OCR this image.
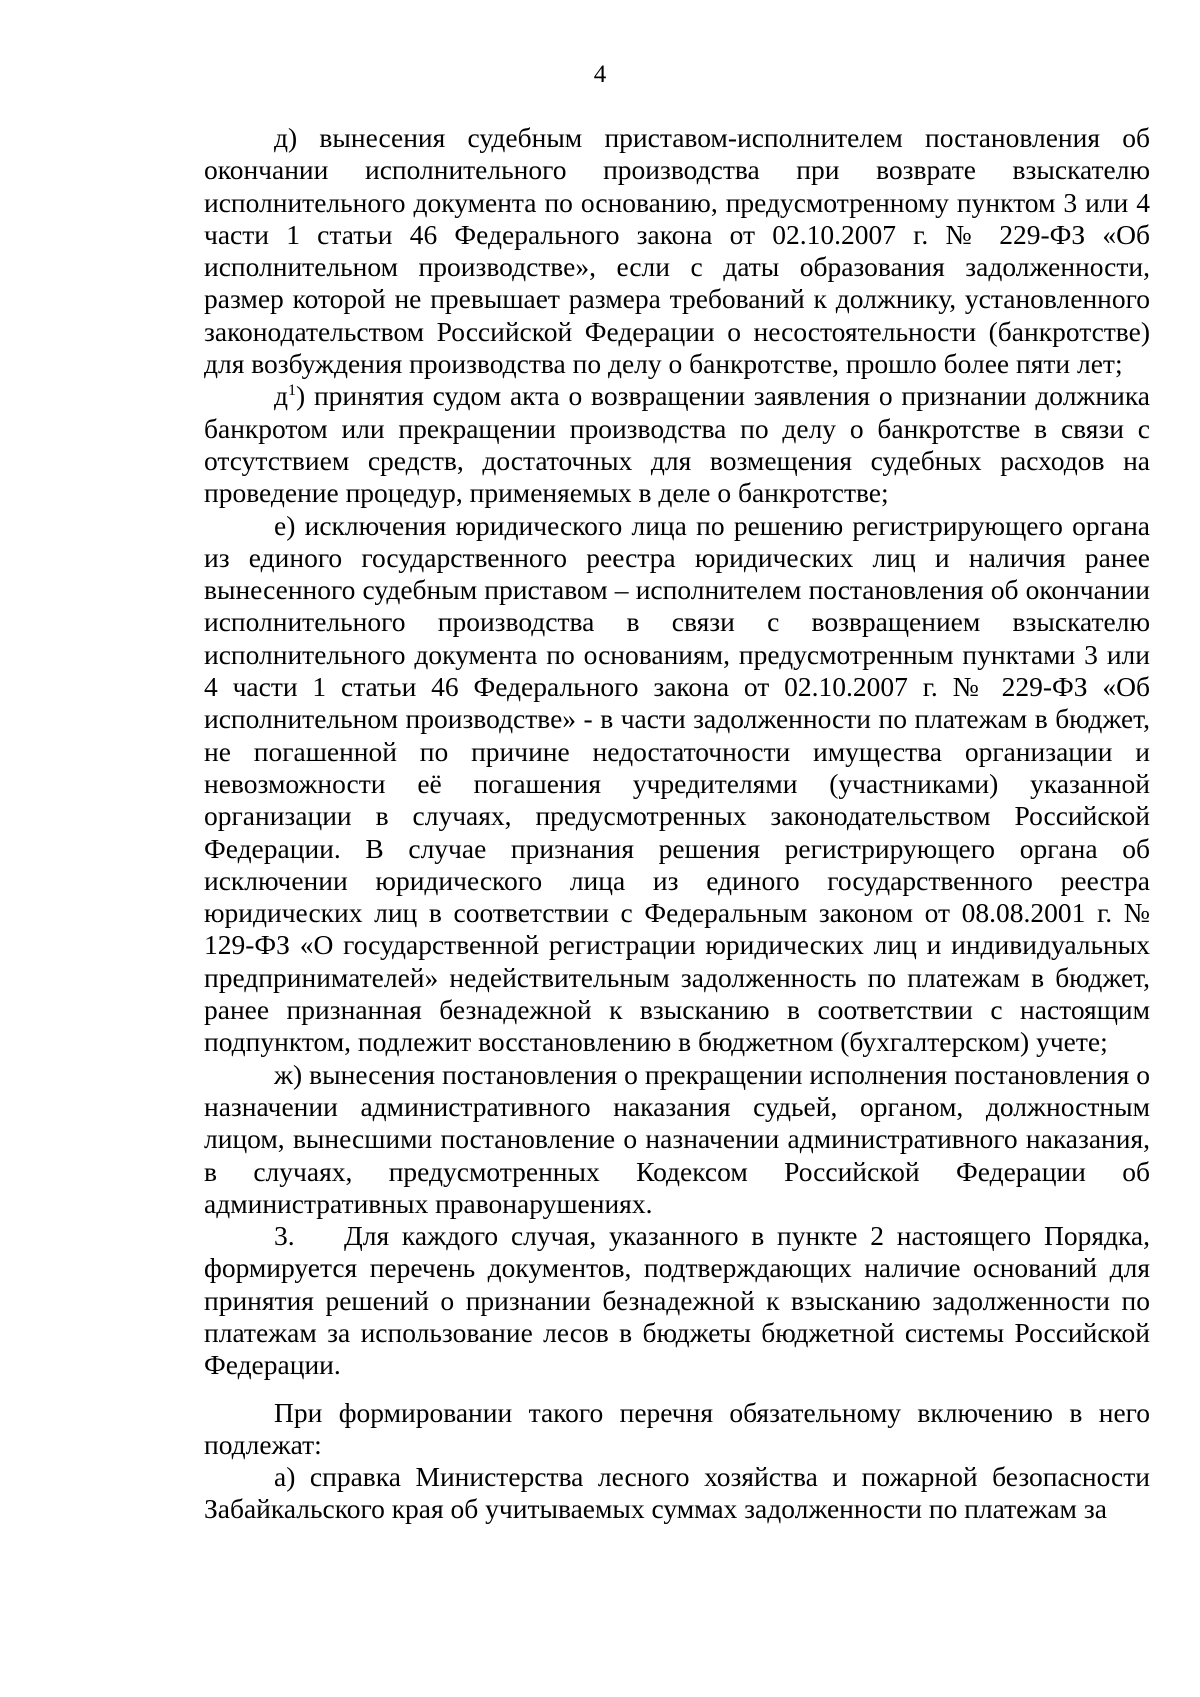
4

д) вынесения судебным приставом-исполнителем постановления об окончании исполнительного производства при возврате взыскателю исполнительного документа по основанию, предусмотренному пунктом 3 или 4 части 1 статьи 46 Федерального закона от 02.10.2007 г. № 229-ФЗ «Об исполнительном производстве», если с даты образования задолженности, размер которой не превышает размера требований к должнику, установленного законодательством Российской Федерации о несостоятельности (банкротстве) для возбуждения производства по делу о банкротстве, прошло более пяти лет;

$д^1$) принятия судом акта о возвращении заявления о признании должника банкротом или прекращении производства по делу о банкротстве в связи с отсутствием средств, достаточных для возмещения судебных расходов на проведение процедур, применяемых в деле о банкротстве;

е) исключения юридического лица по решению регистрирующего органа из единого государственного реестра юридических лиц и наличия ранее вынесенного судебным приставом – исполнителем постановления об окончании исполнительного производства в связи с возвращением взыскателю исполнительного документа по основаниям, предусмотренным пунктами 3 или 4 части 1 статьи 46 Федерального закона от 02.10.2007 г. № 229-ФЗ «Об исполнительном производстве» - в части задолженности по платежам в бюджет, не погашенной по причине недостаточности имущества организации и невозможности её погашения учредителями (участниками) указанной организации в случаях, предусмотренных законодательством Российской Федерации. В случае признания решения регистрирующего органа об исключении юридического лица из единого государственного реестра юридических лиц в соответствии с Федеральным законом от 08.08.2001 г. № 129-ФЗ «О государственной регистрации юридических лиц и индивидуальных предпринимателей» недействительным задолженность по платежам в бюджет, ранее признанная безнадежной к взысканию в соответствии с настоящим подпунктом, подлежит восстановлению в бюджетном (бухгалтерском) учете;

ж) вынесения постановления о прекращении исполнения постановления о назначении административного наказания судьей, органом, должностным лицом, вынесшими постановление о назначении административного наказания, в случаях, предусмотренных Кодексом Российской Федерации об административных правонарушениях.

3. Для каждого случая, указанного в пункте 2 настоящего Порядка, формируется перечень документов, подтверждающих наличие оснований для принятия решений о признании безнадежной к взысканию задолженности по платежам за использование лесов в бюджеты бюджетной системы Российской Федерации.

При формировании такого перечня обязательному включению в него подлежат:

а) справка Министерства лесного хозяйства и пожарной безопасности Забайкальского края об учитываемых суммах задолженности по платежам за
